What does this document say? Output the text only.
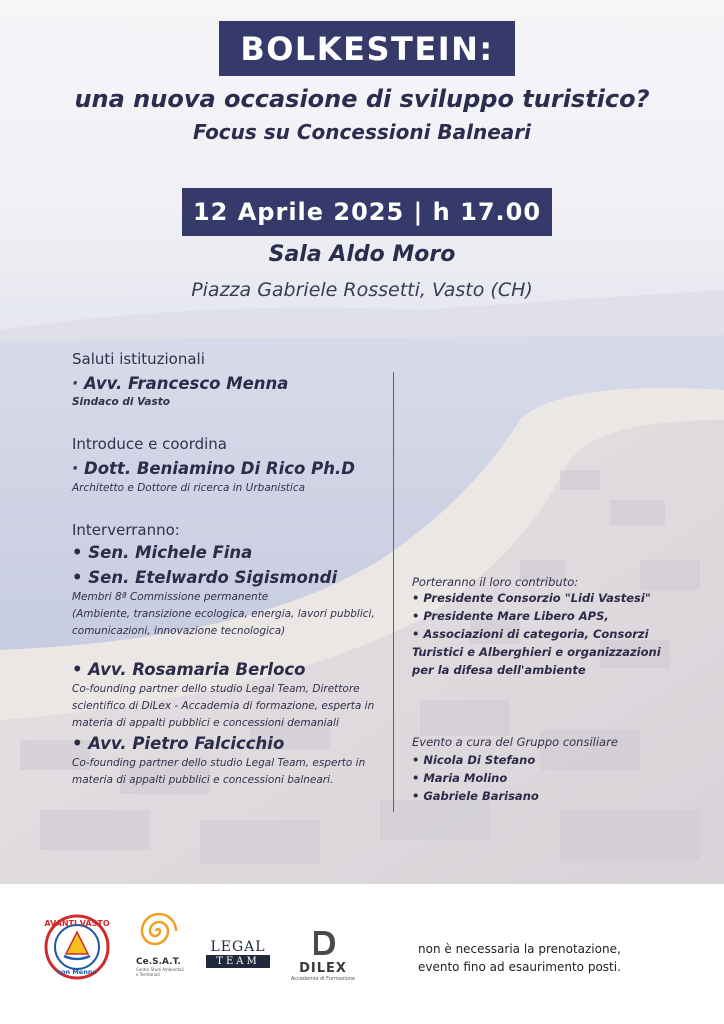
BOLKESTEIN:
una nuova occasione di sviluppo turistico?
Focus su Concessioni Balneari
12 Aprile 2025 | h 17.00
Sala Aldo Moro
Piazza Gabriele Rossetti, Vasto (CH)
Saluti istituzionali
· Avv. Francesco Menna
Sindaco di Vasto
Introduce e coordina
· Dott. Beniamino Di Rico Ph.D
Architetto e Dottore di ricerca in Urbanistica
Interverranno:
• Sen. Michele Fina
• Sen. Etelwardo Sigismondi
Membri 8ª Commissione permanente
(Ambiente, transizione ecologica, energia, lavori pubblici,
comunicazioni, innovazione tecnologica)
• Avv. Rosamaria Berloco
Co-founding partner dello studio Legal Team, Direttore
scientifico di DiLex - Accademia di formazione, esperta in
materia di appalti pubblici e concessioni demaniali
• Avv. Pietro Falcicchio
Co-founding partner dello studio Legal Team, esperto in
materia di appalti pubblici e concessioni balneari.
Porteranno il loro contributo:
• Presidente Consorzio "Lidi Vastesi"
• Presidente Mare Libero APS,
• Associazioni di categoria, Consorzi
Turistici e Alberghieri e organizzazioni
per la difesa dell'ambiente
Evento a cura del Gruppo consiliare
• Nicola Di Stefano
• Maria Molino
• Gabriele Barisano
AVANTI VASTO
con Menna
Ce.S.A.T.
Centro Studi Ambientali e Territoriali
LEGAL
TEAM	DILEX
Accademia di Formazione
non è necessaria la prenotazione,
evento fino ad esaurimento posti.
